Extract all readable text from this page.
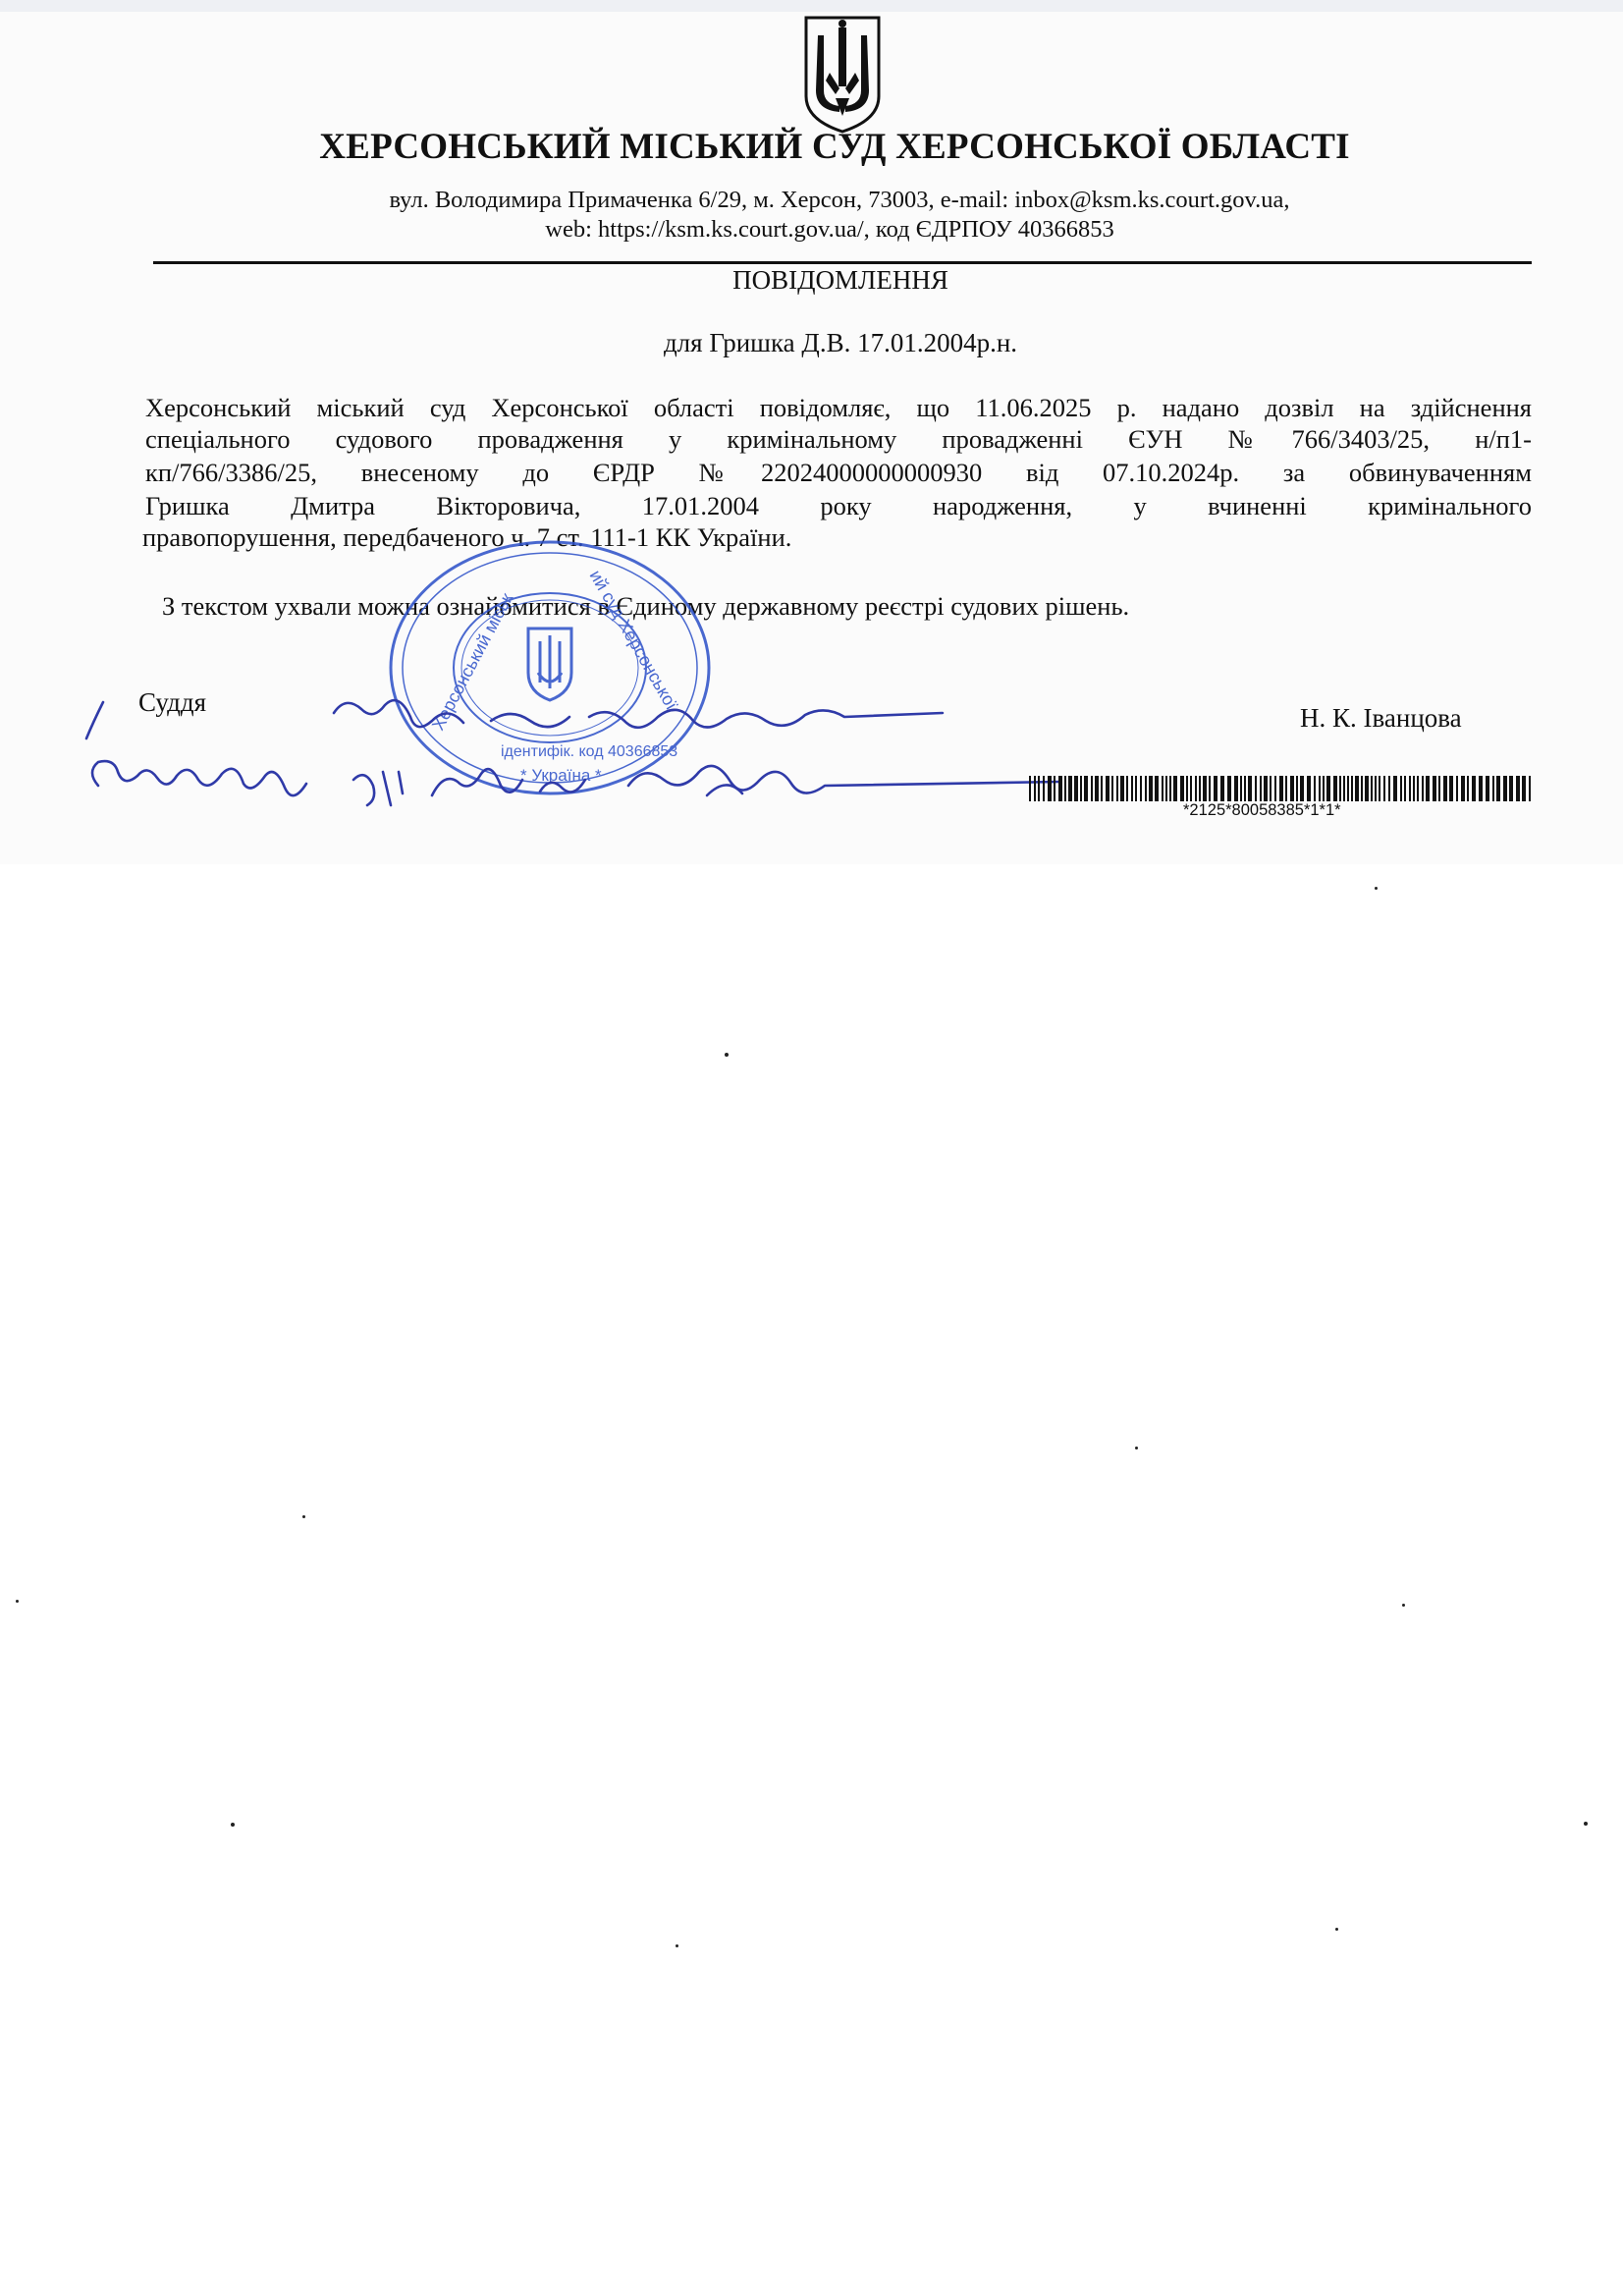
ХЕРСОНСЬКИЙ МІСЬКИЙ СУД ХЕРСОНСЬКОЇ ОБЛАСТІ
вул. Володимира Примаченка 6/29, м. Херсон, 73003, e-mail: inbox@ksm.ks.court.gov.ua,
web: https://ksm.ks.court.gov.ua/, код ЄДРПОУ 40366853
ПОВІДОМЛЕННЯ
для Гришка Д.В. 17.01.2004р.н.
Херсонський міський суд Херсонської області повідомляє, що 11.06.2025 р. надано дозвіл на здійснення
спеціального судового провадження у кримінальному провадженні ЄУН №766/3403/25, н/п1-
кп/766/3386/25, внесеному до ЄРДР №22024000000000930 від 07.10.2024р. за обвинуваченням
Гришка Дмитра Вікторовича, 17.01.2004 року народження, у вчиненні кримінального
правопорушення, передбаченого ч. 7 ст. 111-1 КК України.
З текстом ухвали можна ознайомитися в Єдиному державному реєстрі судових рішень.
Суддя
Н. К. Іванцова
Херсонський міськ	ий суд Херсонської
ідентифік. код 40366853
* Україна *
*2125*80058385*1*1*
